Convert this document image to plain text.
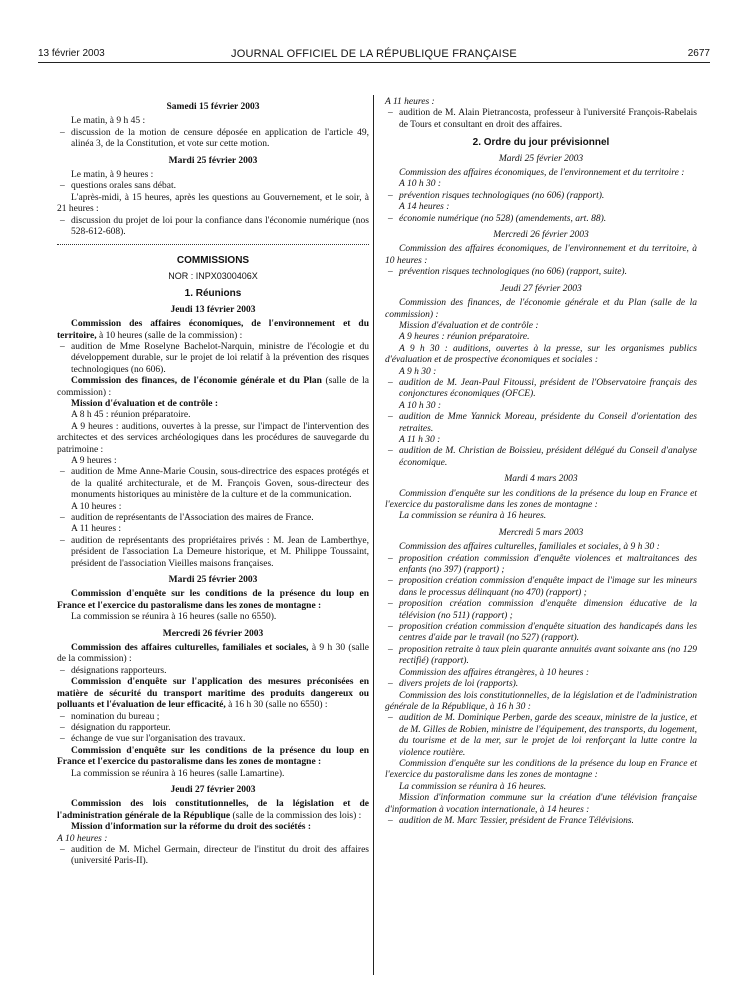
13 février 2003	JOURNAL OFFICIEL DE LA RÉPUBLIQUE FRANÇAISE	2677
Samedi 15 février 2003

Le matin, à 9 h 45 :

– discussion de la motion de censure déposée en application de l'article 49, alinéa 3, de la Constitution, et vote sur cette motion.

Mardi 25 février 2003

Le matin, à 9 heures :

– questions orales sans débat.

L'après-midi, à 15 heures, après les questions au Gouvernement, et le soir, à 21 heures :

– discussion du projet de loi pour la confiance dans l'économie numérique (nos 528-612-608).

COMMISSIONS
NOR : INPX0300406X
1. Réunions
Jeudi 13 février 2003

Commission des affaires économiques, de l'environnement et du territoire, à 10 heures (salle de la commission) :

– audition de Mme Roselyne Bachelot-Narquin, ministre de l'écologie et du développement durable, sur le projet de loi relatif à la prévention des risques technologiques (no 606).

Commission des finances, de l'économie générale et du Plan (salle de la commission) :

Mission d'évaluation et de contrôle :

A 8 h 45 : réunion préparatoire.

A 9 heures : auditions, ouvertes à la presse, sur l'impact de l'intervention des architectes et des services archéologiques dans les procédures de sauvegarde du patrimoine :

A 9 heures :

– audition de Mme Anne-Marie Cousin, sous-directrice des espaces protégés et de la qualité architecturale, et de M. François Goven, sous-directeur des monuments historiques au ministère de la culture et de la communication.

A 10 heures :

– audition de représentants de l'Association des maires de France.

A 11 heures :

– audition de représentants des propriétaires privés : M. Jean de Lamberthye, président de l'association La Demeure historique, et M. Philippe Toussaint, président de l'association Vieilles maisons françaises.

Mardi 25 février 2003

Commission d'enquête sur les conditions de la présence du loup en France et l'exercice du pastoralisme dans les zones de montagne :

La commission se réunira à 16 heures (salle no 6550).

Mercredi 26 février 2003

Commission des affaires culturelles, familiales et sociales, à 9 h 30 (salle de la commission) :

– désignations rapporteurs.

Commission d'enquête sur l'application des mesures préconisées en matière de sécurité du transport maritime des produits dangereux ou polluants et l'évaluation de leur efficacité, à 16 h 30 (salle no 6550) :

– nomination du bureau ;

– désignation du rapporteur.

– échange de vue sur l'organisation des travaux.

Commission d'enquête sur les conditions de la présence du loup en France et l'exercice du pastoralisme dans les zones de montagne :

La commission se réunira à 16 heures (salle Lamartine).

Jeudi 27 février 2003

Commission des lois constitutionnelles, de la législation et de l'administration générale de la République (salle de la commission des lois) :

Mission d'information sur la réforme du droit des sociétés :

A 10 heures :

– audition de M. Michel Germain, directeur de l'institut du droit des affaires (université Paris-II).

A 11 heures :

– audition de M. Alain Pietrancosta, professeur à l'université François-Rabelais de Tours et consultant en droit des affaires.

2. Ordre du jour prévisionnel
Mardi 25 février 2003

Commission des affaires économiques, de l'environnement et du territoire :

A 10 h 30 :

– prévention risques technologiques (no 606) (rapport).

A 14 heures :

– économie numérique (no 528) (amendements, art. 88).

Mercredi 26 février 2003

Commission des affaires économiques, de l'environnement et du territoire, à 10 heures :

– prévention risques technologiques (no 606) (rapport, suite).

Jeudi 27 février 2003

Commission des finances, de l'économie générale et du Plan (salle de la commission) :

Mission d'évaluation et de contrôle :

A 9 heures : réunion préparatoire.

A 9 h 30 : auditions, ouvertes à la presse, sur les organismes publics d'évaluation et de prospective économiques et sociales :

A 9 h 30 :

– audition de M. Jean-Paul Fitoussi, président de l'Observatoire français des conjonctures économiques (OFCE).

A 10 h 30 :

– audition de Mme Yannick Moreau, présidente du Conseil d'orientation des retraites.

A 11 h 30 :

– audition de M. Christian de Boissieu, président délégué du Conseil d'analyse économique.

Mardi 4 mars 2003

Commission d'enquête sur les conditions de la présence du loup en France et l'exercice du pastoralisme dans les zones de montagne :

La commission se réunira à 16 heures.

Mercredi 5 mars 2003

Commission des affaires culturelles, familiales et sociales, à 9 h 30 :

– proposition création commission d'enquête violences et maltraitances des enfants (no 397) (rapport) ;

– proposition création commission d'enquête impact de l'image sur les mineurs dans le processus délinquant (no 470) (rapport) ;

– proposition création commission d'enquête dimension éducative de la télévision (no 511) (rapport) ;

– proposition création commission d'enquête situation des handicapés dans les centres d'aide par le travail (no 527) (rapport).

– proposition retraite à taux plein quarante annuités avant soixante ans (no 129 rectifié) (rapport).

Commission des affaires étrangères, à 10 heures :

– divers projets de loi (rapports).

Commission des lois constitutionnelles, de la législation et de l'administration générale de la République, à 16 h 30 :

– audition de M. Dominique Perben, garde des sceaux, ministre de la justice, et de M. Gilles de Robien, ministre de l'équipement, des transports, du logement, du tourisme et de la mer, sur le projet de loi renforçant la lutte contre la violence routière.

Commission d'enquête sur les conditions de la présence du loup en France et l'exercice du pastoralisme dans les zones de montagne :

La commission se réunira à 16 heures.

Mission d'information commune sur la création d'une télévision française d'information à vocation internationale, à 14 heures :

– audition de M. Marc Tessier, président de France Télévisions.
